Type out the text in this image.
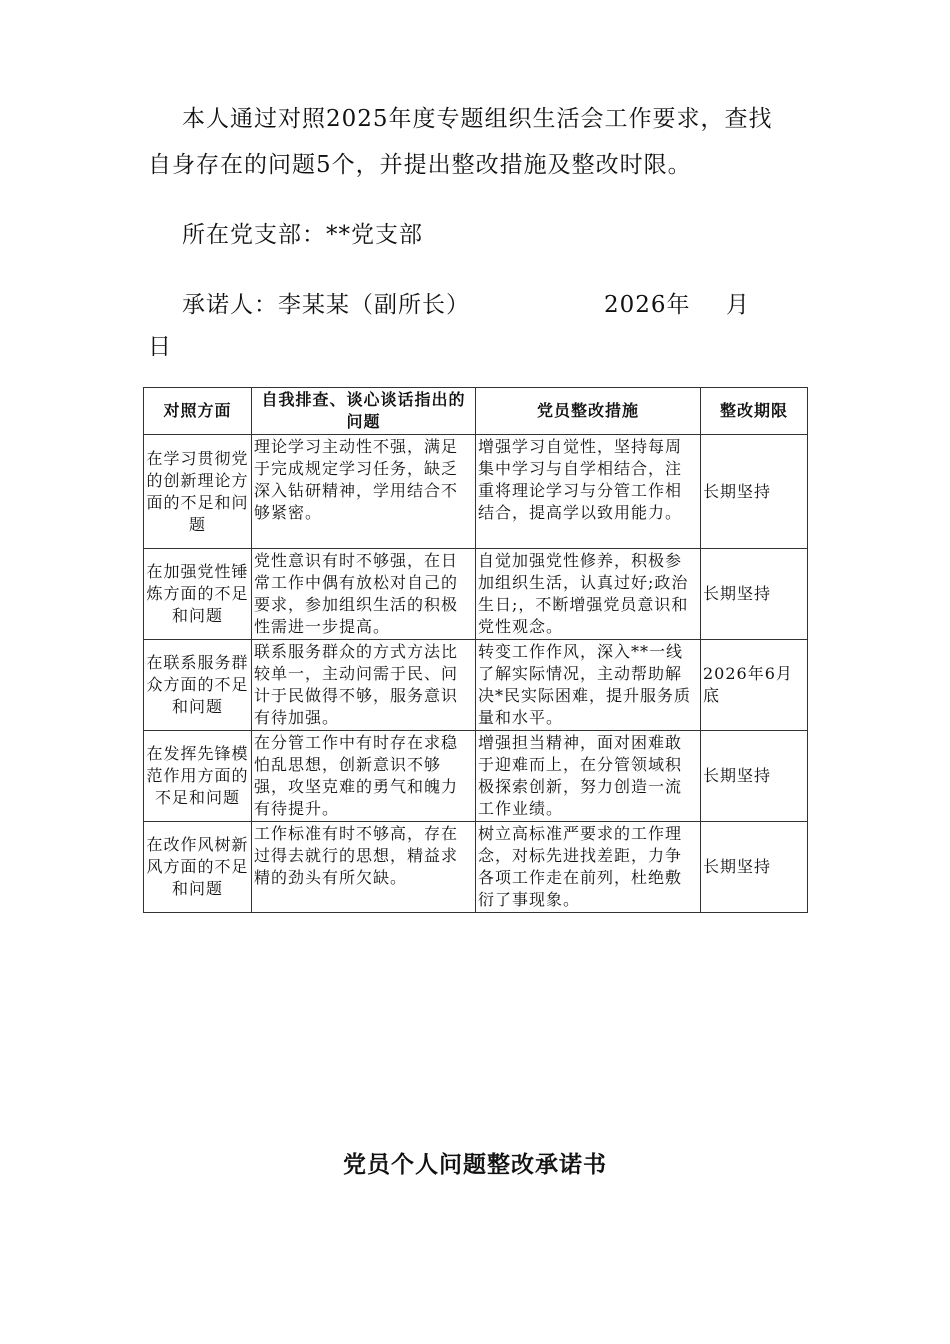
本人通过对照2025年度专题组织生活会工作要求，查找
自身存在的问题5个，并提出整改措施及整改时限。
所在党支部：**党支部
承诺人：李某某（副所长）	2026年 月
日
对照方面	自我排查、谈心谈话指出的问题	党员整改措施	整改期限
在学习贯彻党的创新理论方面的不足和问题	理论学习主动性不强，满足于完成规定学习任务，缺乏深入钻研精神，学用结合不够紧密。	增强学习自觉性，坚持每周集中学习与自学相结合，注重将理论学习与分管工作相结合，提高学以致用能力。	长期坚持
在加强党性锤炼方面的不足和问题	党性意识有时不够强，在日常工作中偶有放松对自己的要求，参加组织生活的积极性需进一步提高。	自觉加强党性修养，积极参加组织生活，认真过好;政治生日;，不断增强党员意识和党性观念。	长期坚持
在联系服务群众方面的不足和问题	联系服务群众的方式方法比较单一，主动问需于民、问计于民做得不够，服务意识有待加强。	转变工作作风，深入**一线了解实际情况，主动帮助解决*民实际困难，提升服务质量和水平。	2026年6月底
在发挥先锋模范作用方面的不足和问题	在分管工作中有时存在求稳怕乱思想，创新意识不够强，攻坚克难的勇气和魄力有待提升。	增强担当精神，面对困难敢于迎难而上，在分管领域积极探索创新，努力创造一流工作业绩。	长期坚持
在改作风树新风方面的不足和问题	工作标准有时不够高，存在过得去就行的思想，精益求精的劲头有所欠缺。	树立高标准严要求的工作理念，对标先进找差距，力争各项工作走在前列，杜绝敷衍了事现象。	长期坚持
党员个人问题整改承诺书
